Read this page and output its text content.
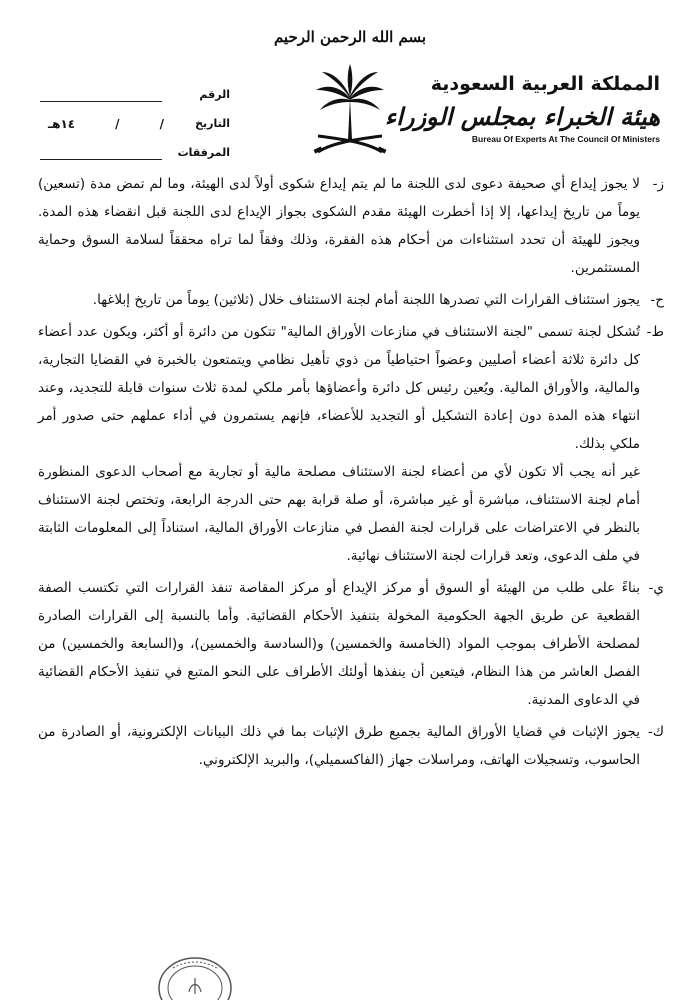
بسم الله الرحمن الرحيم
المملكة العربية السعودية
هيئة الخبراء بمجلس الوزراء
Bureau Of Experts At The Council Of Ministers
الرقم
التاريخ
/
/
١٤هـ
المرفقات
ز-

لا يجوز إيداع أي صحيفة دعوى لدى اللجنة ما لم يتم إيداع شكوى أولاً لدى الهيئة، وما لم تمض مدة (تسعين) يوماً من تاريخ إيداعها، إلا إذا أخطرت الهيئة مقدم الشكوى بجواز الإيداع لدى اللجنة قبل انقضاء هذه المدة. ويجوز للهيئة أن تحدد استثناءات من أحكام هذه الفقرة، وذلك وفقاً لما تراه محققاً لسلامة السوق وحماية المستثمرين.

ح-

يجوز استئناف القرارات التي تصدرها اللجنة أمام لجنة الاستئناف خلال (ثلاثين) يوماً من تاريخ إبلاغها.

ط-

تُشكل لجنة تسمى "لجنة الاستئناف في منازعات الأوراق المالية" تتكون من دائرة أو أكثر، ويكون عدد أعضاء كل دائرة ثلاثة أعضاء أصليين وعضواً احتياطياً من ذوي تأهيل نظامي ويتمتعون بالخبرة في القضايا التجارية، والمالية، والأوراق المالية. ويُعين رئيس كل دائرة وأعضاؤها بأمر ملكي لمدة ثلاث سنوات قابلة للتجديد، وعند انتهاء هذه المدة دون إعادة التشكيل أو التجديد للأعضاء، فإنهم يستمرون في أداء عملهم حتى صدور أمر ملكي بذلك.

غير أنه يجب ألا تكون لأي من أعضاء لجنة الاستئناف مصلحة مالية أو تجارية مع أصحاب الدعوى المنظورة أمام لجنة الاستئناف، مباشرة أو غير مباشرة، أو صلة قرابة بهم حتى الدرجة الرابعة، وتختص لجنة الاستئناف بالنظر في الاعتراضات على قرارات لجنة الفصل في منازعات الأوراق المالية، استناداً إلى المعلومات الثابتة في ملف الدعوى، وتعد قرارات لجنة الاستئناف نهائية.

ي-

بناءً على طلب من الهيئة أو السوق أو مركز الإيداع أو مركز المقاصة تنفذ القرارات التي تكتسب الصفة القطعية عن طريق الجهة الحكومية المخولة بتنفيذ الأحكام القضائية. وأما بالنسبة إلى القرارات الصادرة لمصلحة الأطراف بموجب المواد (الخامسة والخمسين) و(السادسة والخمسين)، و(السابعة والخمسين) من الفصل العاشر من هذا النظام، فيتعين أن ينفذها أولئك الأطراف على النحو المتبع في تنفيذ الأحكام القضائية في الدعاوى المدنية.

ك-

يجوز الإثبات في قضايا الأوراق المالية بجميع طرق الإثبات بما في ذلك البيانات الإلكترونية، أو الصادرة من الحاسوب، وتسجيلات الهاتف، ومراسلات جهاز (الفاكسميلي)، والبريد الإلكتروني.
